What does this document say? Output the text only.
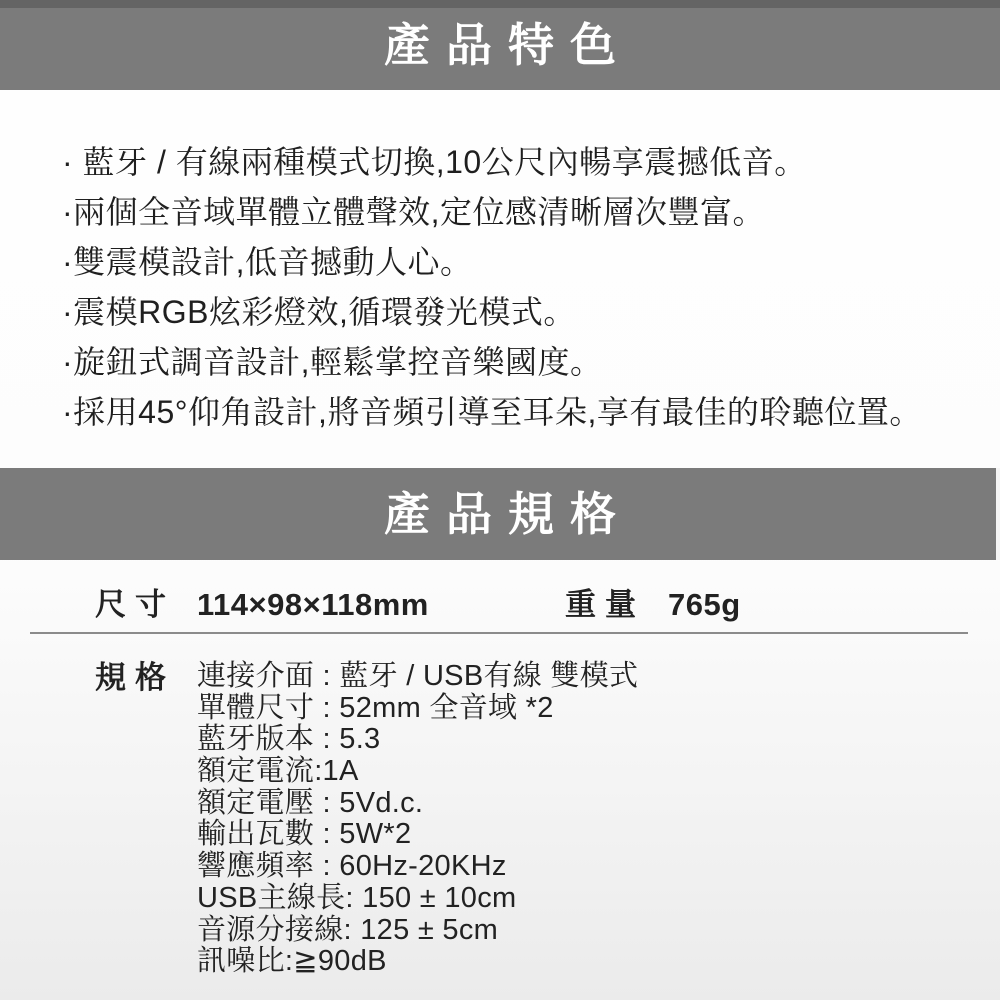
產品特色
· 藍牙 / 有線兩種模式切換,10公尺內暢享震撼低音。
·兩個全音域單體立體聲效,定位感清晰層次豐富。
·雙震模設計,低音撼動人心。
·震模RGB炫彩燈效,循環發光模式。
·旋鈕式調音設計,輕鬆掌控音樂國度。
·採用45°仰角設計,將音頻引導至耳朵,享有最佳的聆聽位置。
產品規格
尺寸 114×98×118mm	重量 765g
規格 連接介面 : 藍牙 / USB有線 雙模式
單體尺寸 : 52mm 全音域 *2
藍牙版本 : 5.3
額定電流:1A
額定電壓 : 5Vd.c.
輸出瓦數 : 5W*2
響應頻率 : 60Hz-20KHz
USB主線長: 150 ± 10cm
音源分接線: 125 ± 5cm
訊噪比:≧90dB
